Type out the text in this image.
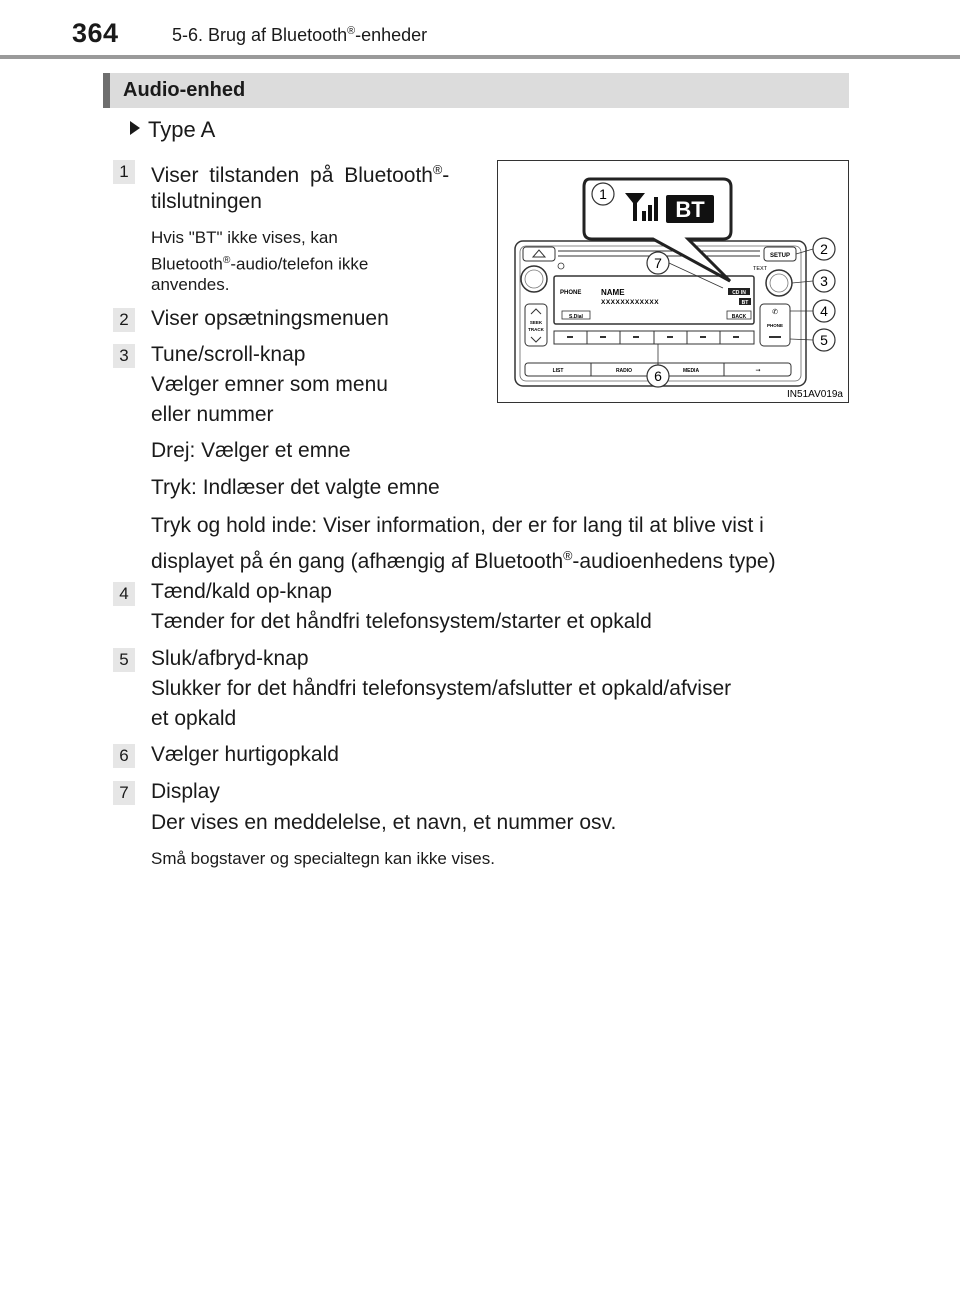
364	5-6. Brug af Bluetooth®-enheder
Audio-enhed
Type A
1 Viser tilstanden på Bluetooth®-
tilslutningen
Hvis "BT" ikke vises, kan
Bluetooth®-audio/telefon ikke
anvendes.
2 Viser opsætningsmenuen
3 Tune/scroll-knap
Vælger emner som menu
eller nummer
Drej: Vælger et emne
Tryk: Indlæser det valgte emne
Tryk og hold inde: Viser information, der er for lang til at blive vist i
displayet på én gang (afhængig af Bluetooth®-audioenhedens type)
4 Tænd/kald op-knap
Tænder for det håndfri telefonsystem/starter et opkald
5 Sluk/afbryd-knap
Slukker for det håndfri telefonsystem/afslutter et opkald/afviser
et opkald
6 Vælger hurtigopkald
7 Display
Der vises en meddelelse, et navn, et nummer osv.
Små bogstaver og specialtegn kan ikke vises.
SETUP
TEXT
SEEK
TRACK
PHONE NAME
XXXXXXXXXXXX
CD IN
BT
S.Dial	BACK
✆
PHONE
LIST	RADIO	MEDIA	⇝
BT
1
2
3
4
5
6
7
IN51AV019a
